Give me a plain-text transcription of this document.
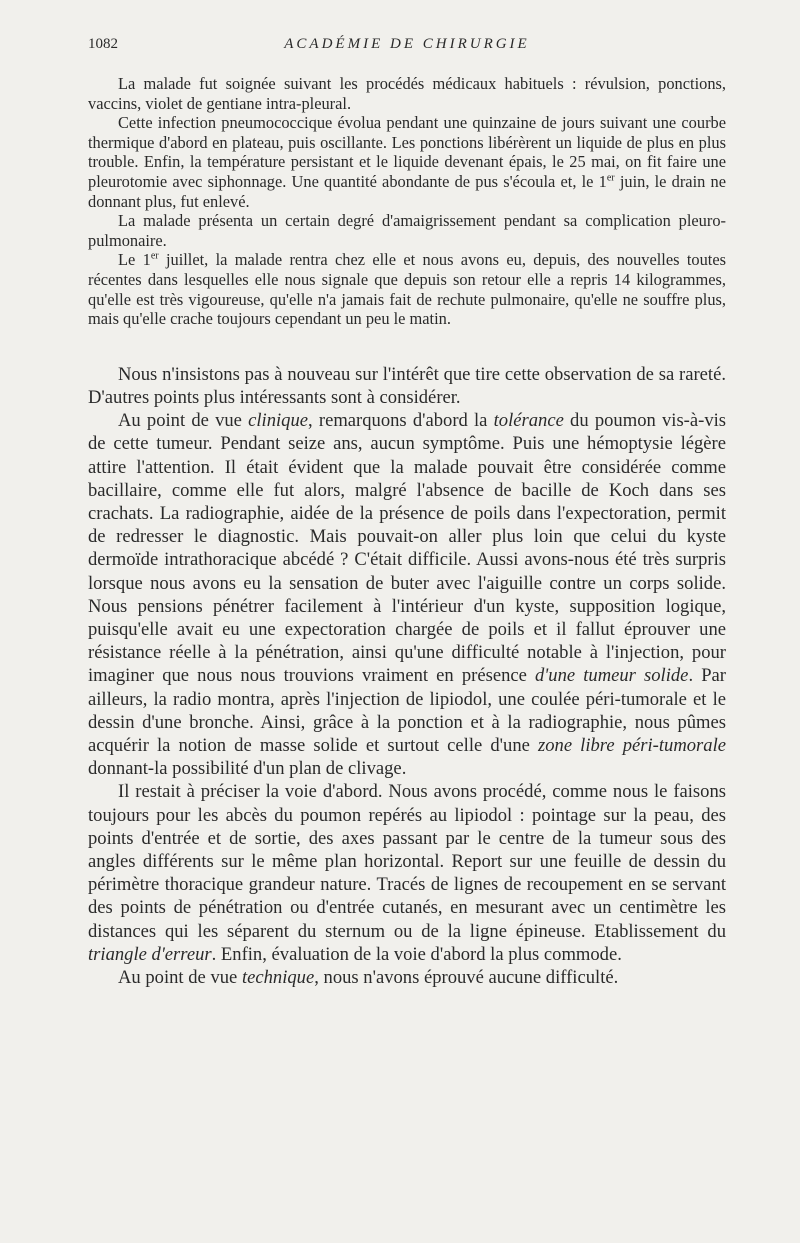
1082	ACADÉMIE DE CHIRURGIE

La malade fut soignée suivant les procédés médicaux habituels : révulsion, ponctions, vaccins, violet de gentiane intra-pleural.

Cette infection pneumococcique évolua pendant une quinzaine de jours suivant une courbe thermique d'abord en plateau, puis oscillante. Les ponctions libérèrent un liquide de plus en plus trouble. Enfin, la température persistant et le liquide devenant épais, le 25 mai, on fit faire une pleurotomie avec siphonnage. Une quantité abondante de pus s'écoula et, le 1er juin, le drain ne donnant plus, fut enlevé.

La malade présenta un certain degré d'amaigrissement pendant sa complication pleuro-pulmonaire.

Le 1er juillet, la malade rentra chez elle et nous avons eu, depuis, des nouvelles toutes récentes dans lesquelles elle nous signale que depuis son retour elle a repris 14 kilogrammes, qu'elle est très vigoureuse, qu'elle n'a jamais fait de rechute pulmonaire, qu'elle ne souffre plus, mais qu'elle crache toujours cependant un peu le matin.

Nous n'insistons pas à nouveau sur l'intérêt que tire cette observation de sa rareté. D'autres points plus intéressants sont à considérer.

Au point de vue clinique, remarquons d'abord la tolérance du poumon vis-à-vis de cette tumeur. Pendant seize ans, aucun symptôme. Puis une hémoptysie légère attire l'attention. Il était évident que la malade pouvait être considérée comme bacillaire, comme elle fut alors, malgré l'absence de bacille de Koch dans ses crachats. La radiographie, aidée de la présence de poils dans l'expectoration, permit de redresser le diagnostic. Mais pouvait-on aller plus loin que celui du kyste dermoïde intrathoracique abcédé ? C'était difficile. Aussi avons-nous été très surpris lorsque nous avons eu la sensation de buter avec l'aiguille contre un corps solide. Nous pensions pénétrer facilement à l'intérieur d'un kyste, supposition logique, puisqu'elle avait eu une expectoration chargée de poils et il fallut éprouver une résistance réelle à la pénétration, ainsi qu'une difficulté notable à l'injection, pour imaginer que nous nous trouvions vraiment en présence d'une tumeur solide. Par ailleurs, la radio montra, après l'injection de lipiodol, une coulée péri-tumorale et le dessin d'une bronche. Ainsi, grâce à la ponction et à la radiographie, nous pûmes acquérir la notion de masse solide et surtout celle d'une zone libre péri-tumorale donnant-la possibilité d'un plan de clivage.

Il restait à préciser la voie d'abord. Nous avons procédé, comme nous le faisons toujours pour les abcès du poumon repérés au lipiodol : pointage sur la peau, des points d'entrée et de sortie, des axes passant par le centre de la tumeur sous des angles différents sur le même plan horizontal. Report sur une feuille de dessin du périmètre thoracique grandeur nature. Tracés de lignes de recoupement en se servant des points de pénétration ou d'entrée cutanés, en mesurant avec un centimètre les distances qui les séparent du sternum ou de la ligne épineuse. Etablissement du triangle d'erreur. Enfin, évaluation de la voie d'abord la plus commode.

Au point de vue technique, nous n'avons éprouvé aucune difficulté.
